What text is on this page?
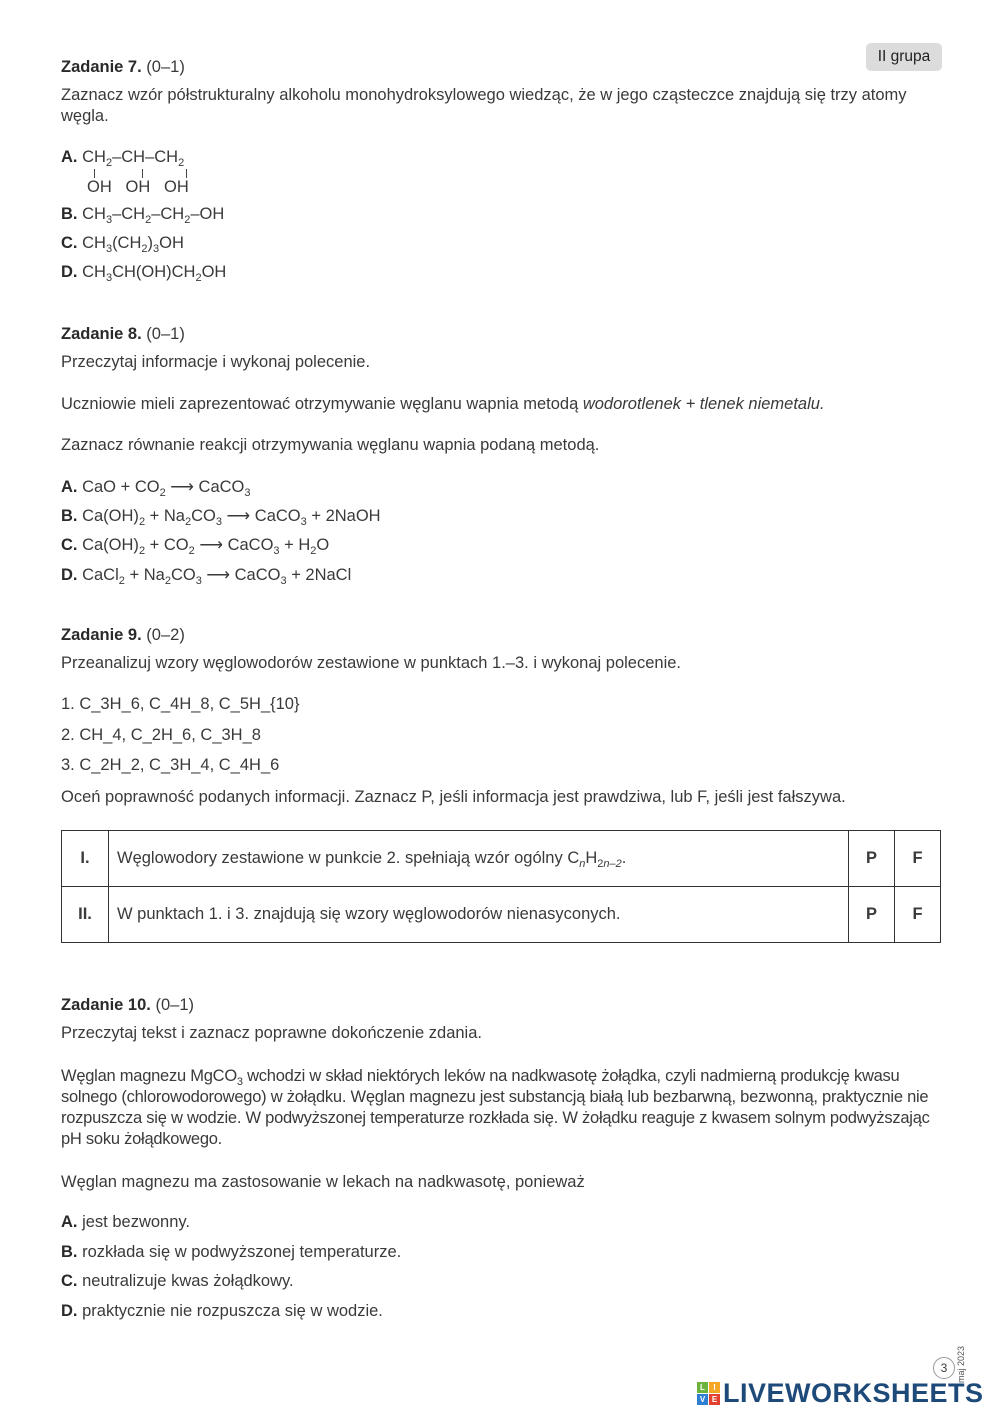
II grupa
Zadanie 7. (0–1)
Zaznacz wzór półstrukturalny alkoholu monohydroksylowego wiedząc, że w jego cząsteczce znajdują się trzy atomy węgla.
A. $CH_2-CH-CH_2$
OH   OH   OH
B. $CH_3-CH_2-CH_2-OH$
C. $CH_3(CH_2)_3OH$
D. $CH_3CH(OH)CH_2OH$
Zadanie 8. (0–1)
Przeczytaj informacje i wykonaj polecenie.
Uczniowie mieli zaprezentować otrzymywanie węglanu wapnia metodą wodorotlenek + tlenek niemetalu.
Zaznacz równanie reakcji otrzymywania węglanu wapnia podaną metodą.
A. CaO + $CO_2$ ⟶ CaCO$_3$
B. $Ca(OH)_2 + Na_2CO_3$ ⟶ CaCO$_3$ + 2NaOH
C. $Ca(OH)_2 + CO_2$ ⟶ CaCO$_3$ + $H_2O$
D. CaCl$_2$ + $Na_2CO_3$ ⟶ CaCO$_3$ + 2NaCl
Zadanie 9. (0–2)
Przeanalizuj wzory węglowodorów zestawione w punktach 1.–3. i wykonaj polecenie.
1. C_3H_6, C_4H_8, C_5H_{10}
2. CH_4, C_2H_6, C_3H_8
3. C_2H_2, C_3H_4, C_4H_6
Oceń poprawność podanych informacji. Zaznacz P, jeśli informacja jest prawdziwa, lub F, jeśli jest fałszywa.
I.	Węglowodory zestawione w punkcie 2. spełniają wzór ogólny $C_nH_{2n-2}$.	P	F
II.	W punktach 1. i 3. znajdują się wzory węglowodorów nienasyconych.	P	F
Zadanie 10. (0–1)
Przeczytaj tekst i zaznacz poprawne dokończenie zdania.
Węglan magnezu MgCO$_3$ wchodzi w skład niektórych leków na nadkwasotę żołądka, czyli nadmierną produkcję kwasu solnego (chlorowodorowego) w żołądku. Węglan magnezu jest substancją białą lub bezbarwną, bezwonną, praktycznie nie rozpuszcza się w wodzie. W podwyższonej temperaturze rozkłada się. W żołądku reaguje z kwasem solnym podwyższając pH soku żołądkowego.
Węglan magnezu ma zastosowanie w lekach na nadkwasotę, ponieważ
A. jest bezwonny.
B. rozkłada się w podwyższonej temperaturze.
C. neutralizuje kwas żołądkowy.
D. praktycznie nie rozpuszcza się w wodzie.
3 maj 2023
L	I
V E LIVEWORKSHEETS
